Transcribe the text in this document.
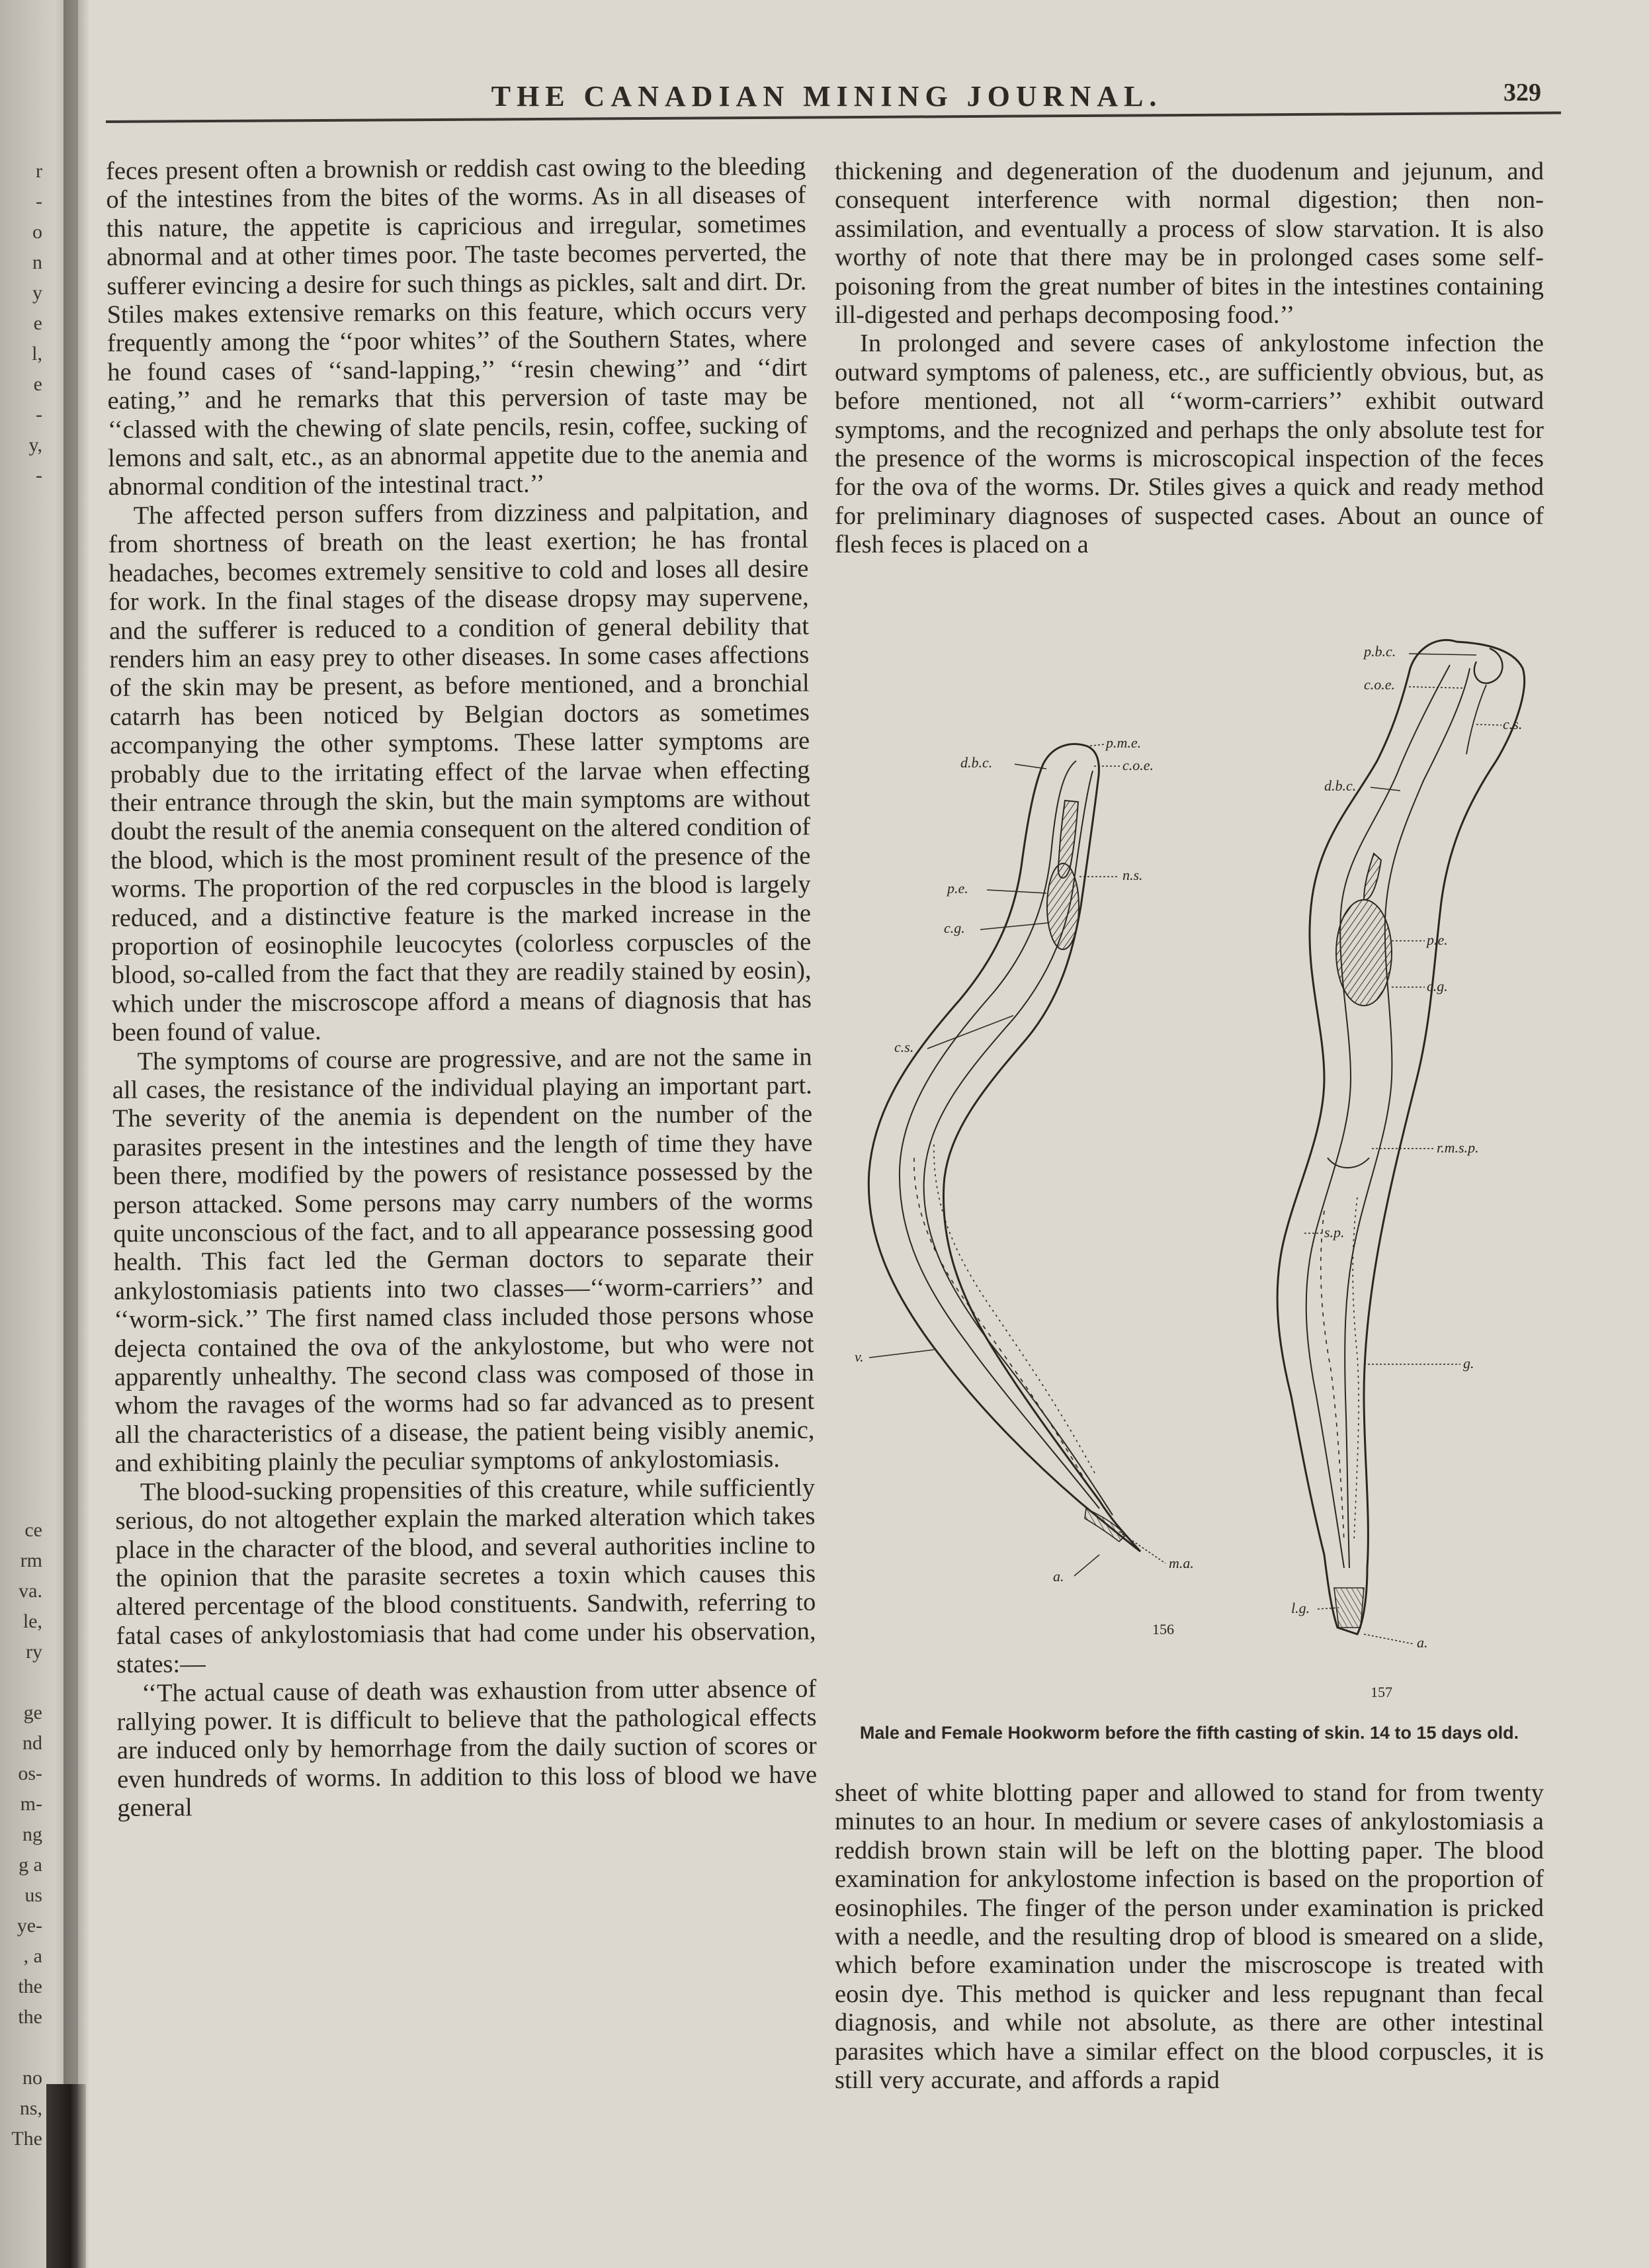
r
-
o
n
y
e
l,
e
-
y,
-
ce
rm
va.
le,
ry

ge
nd
os-
m-
ng
g a
us
ye-
, a
the
the

no
ns,
The
THE CANADIAN MINING JOURNAL.	329

feces present often a brownish or reddish cast owing to the bleeding of the intestines from the bites of the worms. As in all diseases of this nature, the appetite is capricious and irregular, sometimes abnormal and at other times poor. The taste becomes perverted, the sufferer evincing a desire for such things as pickles, salt and dirt. Dr. Stiles makes extensive remarks on this feature, which occurs very frequently among the ‘‘poor whites’’ of the Southern States, where he found cases of ‘‘sand-lapping,’’ ‘‘resin chewing’’ and ‘‘dirt eating,’’ and he remarks that this perversion of taste may be ‘‘classed with the chewing of slate pencils, resin, coffee, sucking of lemons and salt, etc., as an abnormal appetite due to the anemia and abnormal condition of the intestinal tract.’’

The affected person suffers from dizziness and palpitation, and from shortness of breath on the least exertion; he has frontal headaches, becomes extremely sensitive to cold and loses all desire for work. In the final stages of the disease dropsy may supervene, and the sufferer is reduced to a condition of general debility that renders him an easy prey to other diseases. In some cases affections of the skin may be present, as before mentioned, and a bronchial catarrh has been noticed by Belgian doctors as sometimes accompanying the other symptoms. These latter symptoms are probably due to the irritating effect of the larvae when effecting their entrance through the skin, but the main symptoms are without doubt the result of the anemia consequent on the altered condition of the blood, which is the most prominent result of the presence of the worms. The proportion of the red corpuscles in the blood is largely reduced, and a distinctive feature is the marked increase in the proportion of eosinophile leucocytes (colorless corpuscles of the blood, so-called from the fact that they are readily stained by eosin), which under the miscroscope afford a means of diagnosis that has been found of value.

The symptoms of course are progressive, and are not the same in all cases, the resistance of the individual playing an important part. The severity of the anemia is dependent on the number of the parasites present in the intestines and the length of time they have been there, modified by the powers of resistance possessed by the person attacked. Some persons may carry numbers of the worms quite unconscious of the fact, and to all appearance possessing good health. This fact led the German doctors to separate their ankylostomiasis patients into two classes—‘‘worm-carriers’’ and ‘‘worm-sick.’’ The first named class included those persons whose dejecta contained the ova of the ankylostome, but who were not apparently unhealthy. The second class was composed of those in whom the ravages of the worms had so far advanced as to present all the characteristics of a disease, the patient being visibly anemic, and exhibiting plainly the peculiar symptoms of ankylostomiasis.

The blood-sucking propensities of this creature, while sufficiently serious, do not altogether explain the marked alteration which takes place in the character of the blood, and several authorities incline to the opinion that the parasite secretes a toxin which causes this altered percentage of the blood constituents. Sandwith, referring to fatal cases of ankylostomiasis that had come under his observation, states:—

‘‘The actual cause of death was exhaustion from utter absence of rallying power. It is difficult to believe that the pathological effects are induced only by hemorrhage from the daily suction of scores or even hundreds of worms. In addition to this loss of blood we have general

thickening and degeneration of the duodenum and jejunum, and consequent interference with normal digestion; then non-assimilation, and eventually a process of slow starvation. It is also worthy of note that there may be in prolonged cases some self-poisoning from the great number of bites in the intestines containing ill-digested and perhaps decomposing food.’’

In prolonged and severe cases of ankylostome infection the outward symptoms of paleness, etc., are sufficiently obvious, but, as before mentioned, not all ‘‘worm-carriers’’ exhibit outward symptoms, and the recognized and perhaps the only absolute test for the presence of the worms is microscopical inspection of the feces for the ova of the worms. Dr. Stiles gives a quick and ready method for preliminary diagnoses of suspected cases. About an ounce of flesh feces is placed on a

156
d.b.c.
p.m.e.
c.o.e.
n.s.
p.e.
c.g.
c.s.
v.
a.
m.a.
157
p.b.c.
c.o.e.
c.s.
d.b.c.
p.e.
c.g.
r.m.s.p.
s.p.
g.
l.g.
a.
Male and Female Hookworm before the fifth casting of skin. 14 to 15 days old.

sheet of white blotting paper and allowed to stand for from twenty minutes to an hour. In medium or severe cases of ankylostomiasis a reddish brown stain will be left on the blotting paper. The blood examination for ankylostome infection is based on the proportion of eosinophiles. The finger of the person under examination is pricked with a needle, and the resulting drop of blood is smeared on a slide, which before examination under the miscroscope is treated with eosin dye. This method is quicker and less repugnant than fecal diagnosis, and while not absolute, as there are other intestinal parasites which have a similar effect on the blood corpuscles, it is still very accurate, and affords a rapid
